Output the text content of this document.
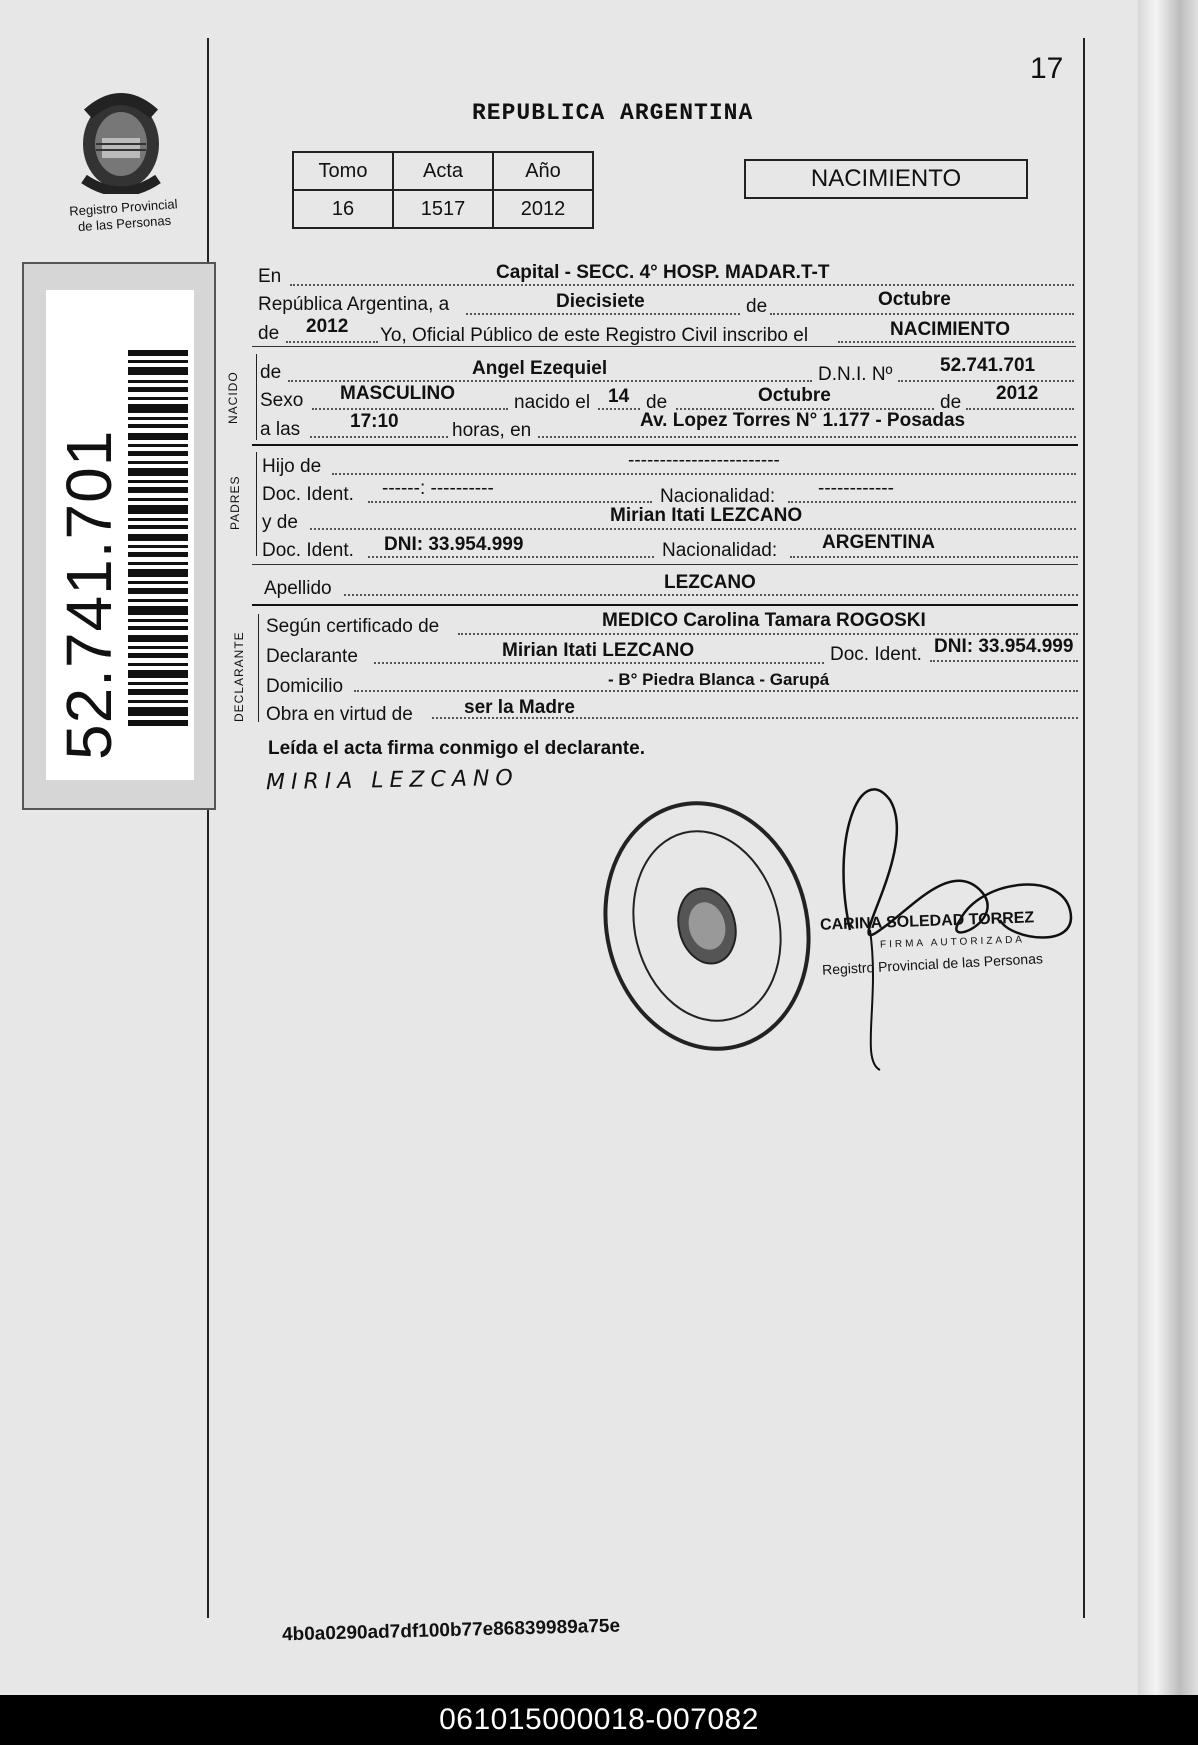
17
Registro Provincial
de las Personas
52.741.701
REPUBLICA ARGENTINA
Tomo	Acta	Año
16	1517	2012
NACIMIENTO
En	Capital - SECC. 4° HOSP. MADAR.T-T
República Argentina, a	Diecisiete	de	Octubre
de 2012 Yo, Oficial Público de este Registro Civil inscribo el	NACIMIENTO
NACIDO de	Angel Ezequiel	D.N.I. Nº	52.741.701
Sexo MASCULINO	nacido el 14 de	Octubre	de 2012
a las	17:10	horas, en	Av. Lopez Torres N° 1.177 - Posadas
PADRES
Hijo de	------------------------
Doc. Ident. ------: ----------	Nacionalidad: ------------
y de	Mirian Itati LEZCANO
Doc. Ident. DNI: 33.954.999	Nacionalidad: ARGENTINA
Apellido	LEZCANO
DECLARANTE
Según certificado de	MEDICO Carolina Tamara ROGOSKI
Declarante	Mirian Itati LEZCANO	Doc. Ident. DNI: 33.954.999
Domicilio	- B° Piedra Blanca - Garupá
Obra en virtud de	ser la Madre
Leída el acta firma conmigo el declarante.
MIRIA LEZCANO
CARINA SOLEDAD TORREZ
FIRMA AUTORIZADA
Registro Provincial de las Personas
4b0a0290ad7df100b77e86839989a75e
061015000018-007082
